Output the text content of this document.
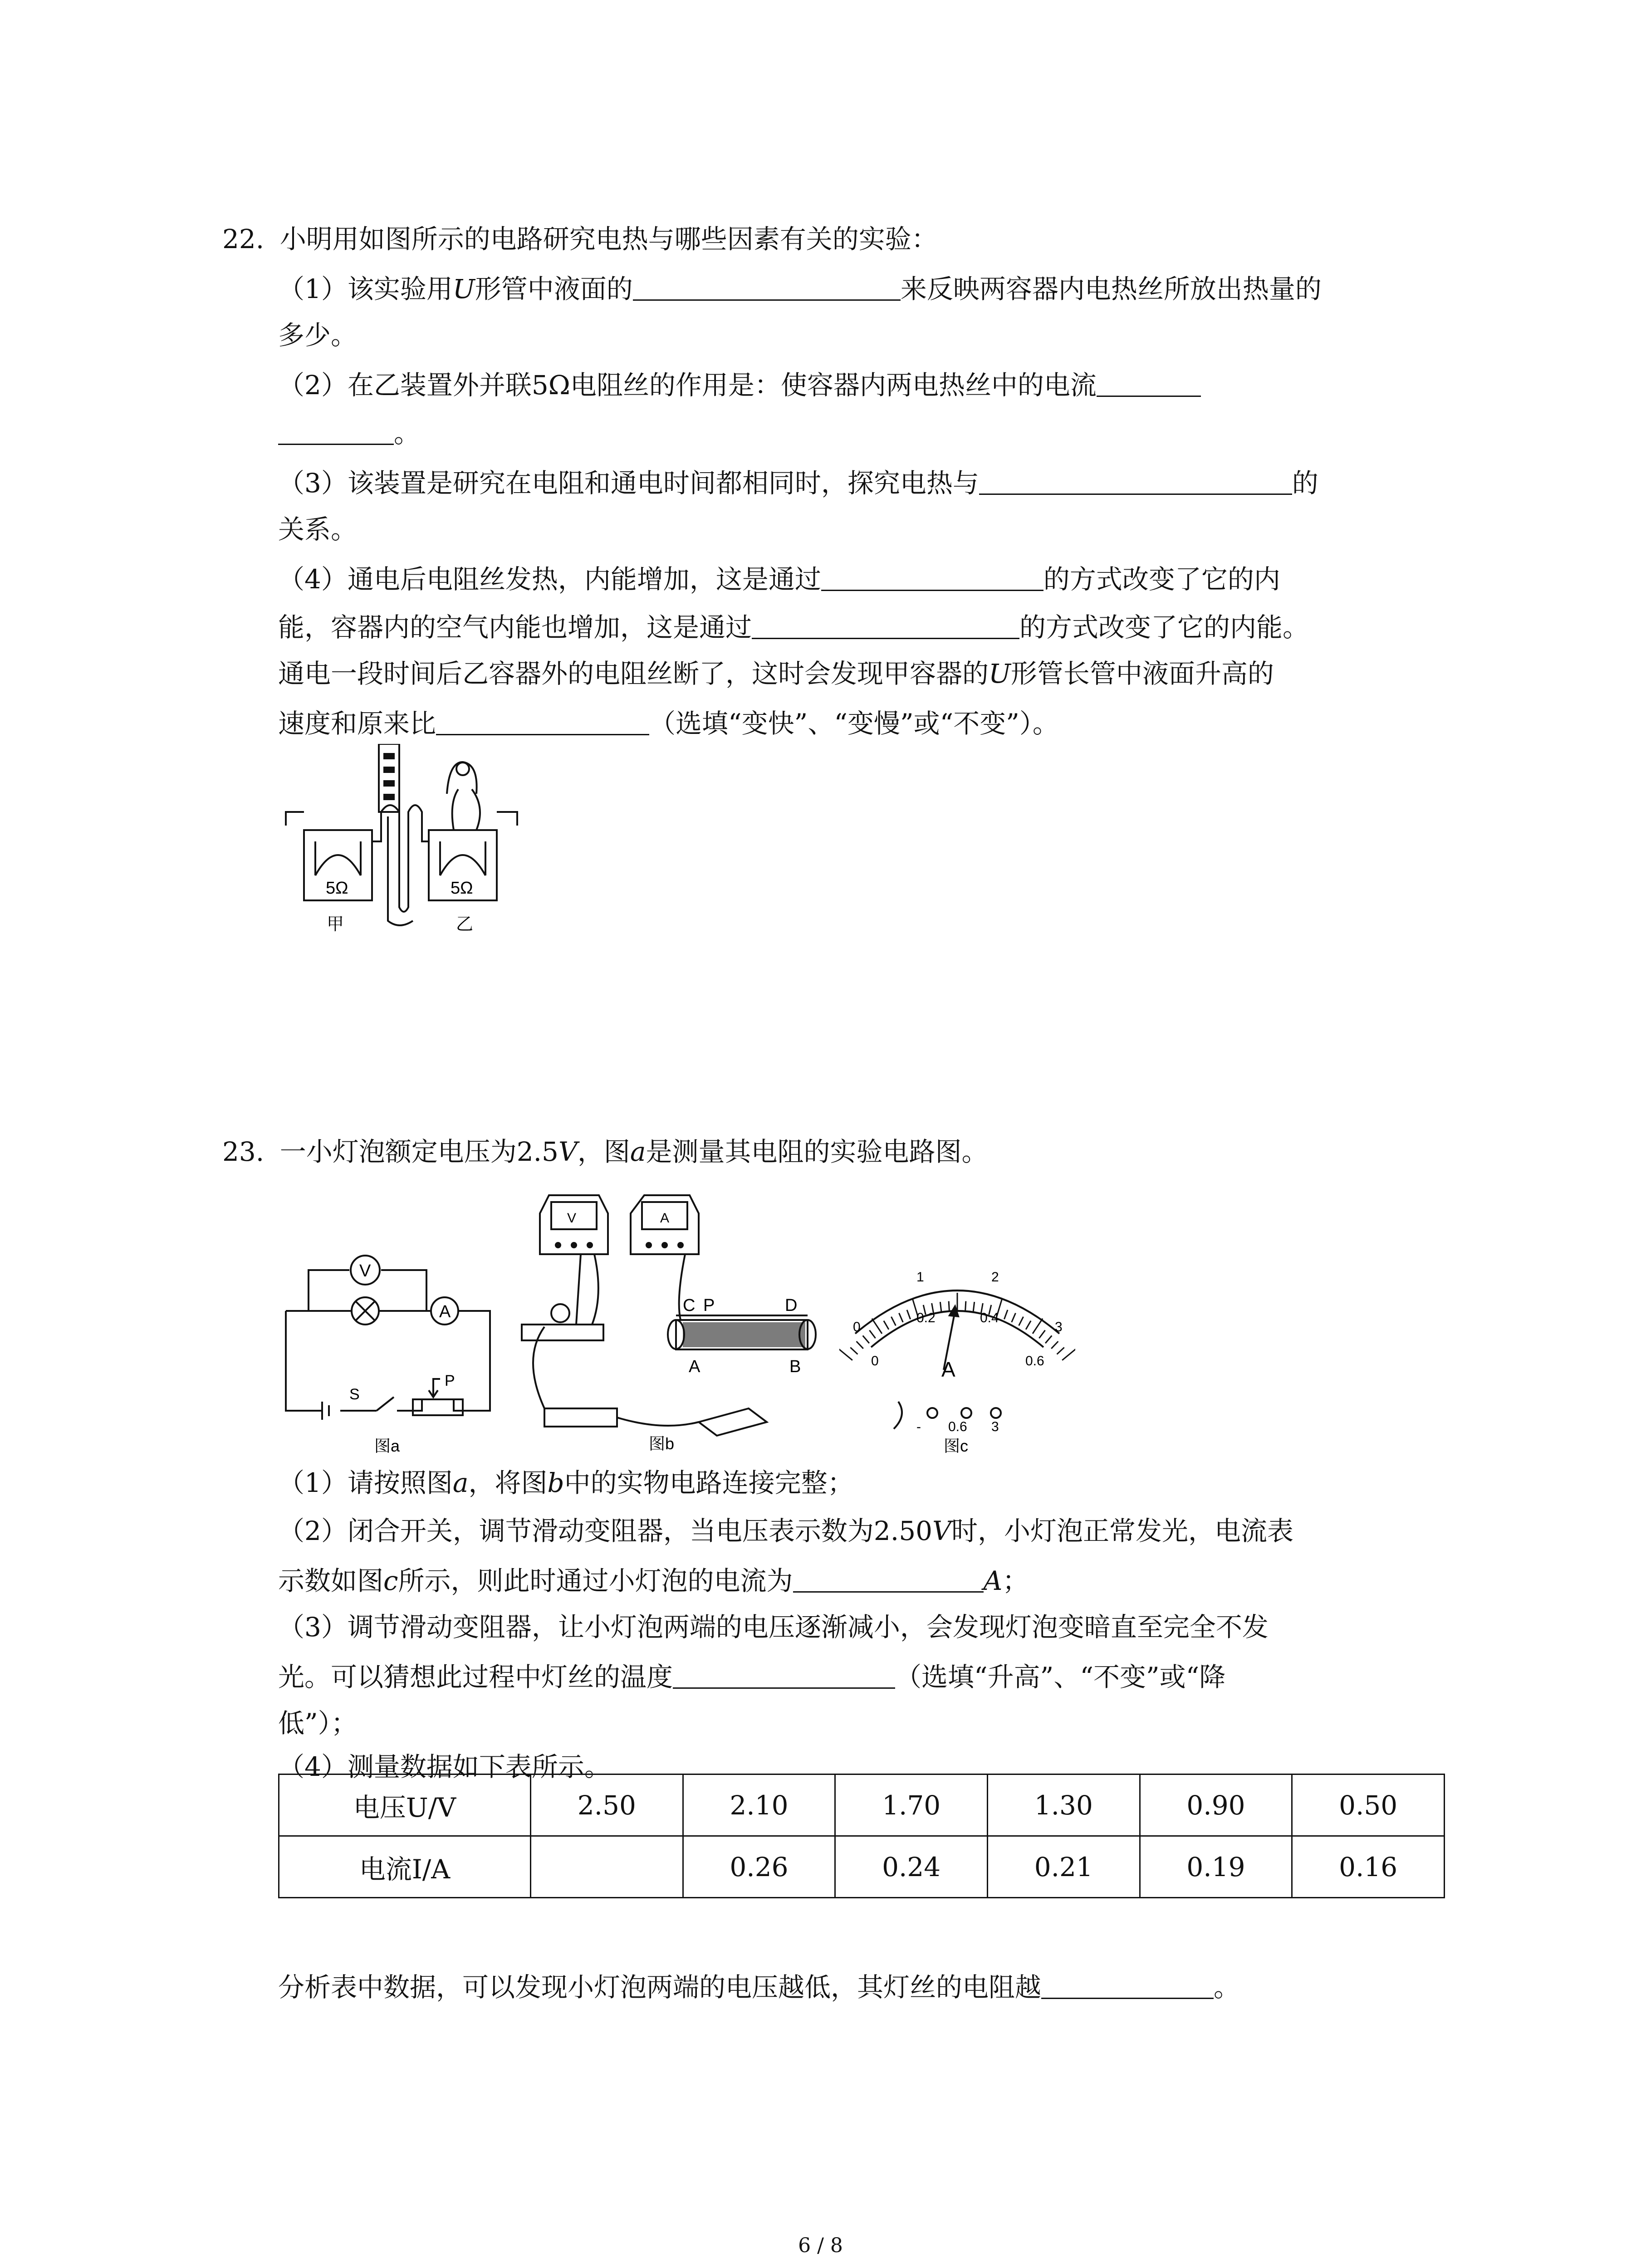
22. 小明用如图所示的电路研究电热与哪些因素有关的实验：
（1）该实验用U形管中液面的	来反映两容器内电热丝所放出热量的
多少。
（2）在乙装置外并联5Ω电阻丝的作用是：使容器内两电热丝中的电流
。
（3）该装置是研究在电阻和通电时间都相同时，探究电热与	的
关系。
（4）通电后电阻丝发热，内能增加，这是通过	的方式改变了它的内
能，容器内的空气内能也增加，这是通过	的方式改变了它的内能。
通电一段时间后乙容器外的电阻丝断了，这时会发现甲容器的U形管长管中液面升高的
速度和原来比	（选填“变快”、“变慢”或“不变”）。
5Ω	5Ω
甲	乙
23. 一小灯泡额定电压为2.5V，图a是测量其电阻的实验电路图。
V
A
S
P
图a
V	A
C P	D
A	B
图b
0
1	2
3
0
0.2	0.4
0.6
A
- 0.6 3
图c
（1）请按照图a，将图b中的实物电路连接完整；
（2）闭合开关，调节滑动变阻器，当电压表示数为2.50V时，小灯泡正常发光，电流表
示数如图c所示，则此时通过小灯泡的电流为	A；
（3）调节滑动变阻器，让小灯泡两端的电压逐渐减小，会发现灯泡变暗直至完全不发
光。可以猜想此过程中灯丝的温度	（选填“升高”、“不变”或“降
低”）；
（4）测量数据如下表所示。
电压U/V	2.50	2.10	1.70	1.30	0.90	0.50
电流I/A		0.26	0.24	0.21	0.19	0.16
分析表中数据，可以发现小灯泡两端的电压越低，其灯丝的电阻越	。
6 / 8
